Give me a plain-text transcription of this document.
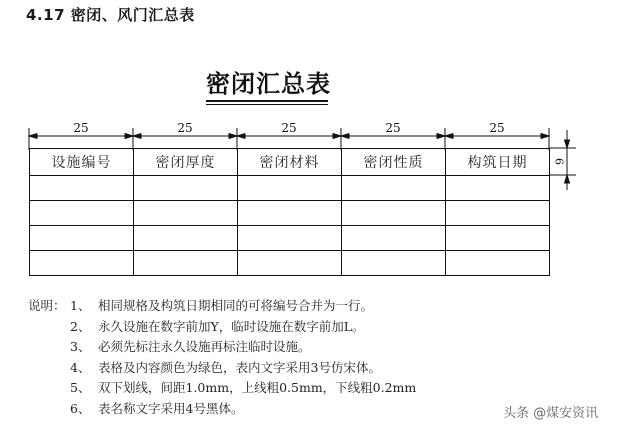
4.17 密闭、风门汇总表
密闭汇总表
25	25	25	25	25
9
设施编号	密闭厚度	密闭材料	密闭性质	构筑日期

说明： 1、 相同规格及构筑日期相同的可将编号合并为一行。
2、 永久设施在数字前加Y，临时设施在数字前加L。
3、 必须先标注永久设施再标注临时设施。
4、 表格及内容颜色为绿色，表内文字采用3号仿宋体。
5、 双下划线，间距1.0mm，上线粗0.5mm，下线粗0.2mm
6、 表名称文字采用4号黑体。	头条 @煤安资讯
